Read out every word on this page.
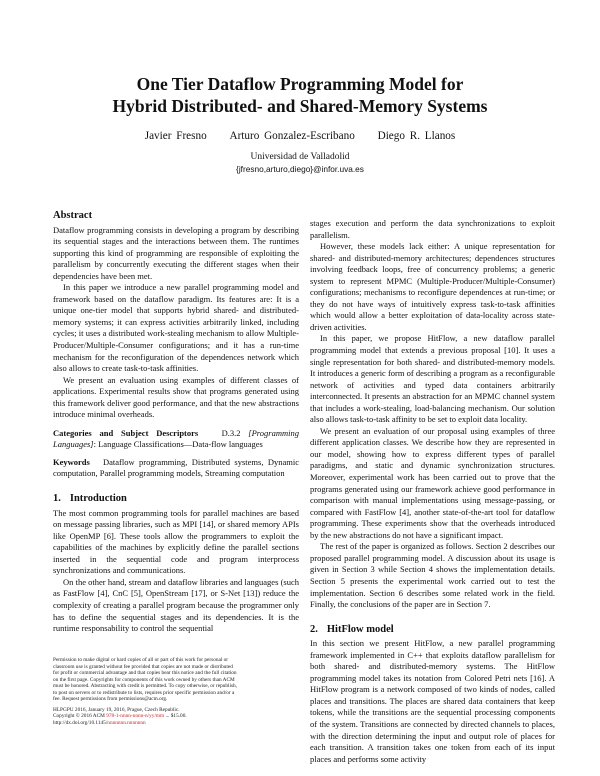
One Tier Dataflow Programming Model for
Hybrid Distributed- and Shared-Memory Systems
Javier Fresno Arturo Gonzalez-Escribano Diego R. Llanos
Universidad de Valladolid
{jfresno,arturo,diego}@infor.uva.es
Abstract

Dataflow programming consists in developing a program by describing its sequential stages and the interactions between them. The runtimes supporting this kind of programming are responsible of exploiting the parallelism by concurrently executing the different stages when their dependencies have been met.

In this paper we introduce a new parallel programming model and framework based on the dataflow paradigm. Its features are: It is a unique one-tier model that supports hybrid shared- and distributed-memory systems; it can express activities arbitrarily linked, including cycles; it uses a distributed work-stealing mechanism to allow Multiple-Producer/Multiple-Consumer configurations; and it has a run-time mechanism for the reconfiguration of the dependences network which also allows to create task-to-task affinities.

We present an evaluation using examples of different classes of applications. Experimental results show that programs generated using this framework deliver good performance, and that the new abstractions introduce minimal overheads.

Categories and Subject Descriptors	D.3.2 [Programming Languages]: Language Classifications—Data-flow languages

Keywords Dataflow programming, Distributed systems, Dynamic computation, Parallel programming models, Streaming computation

1. Introduction

The most common programming tools for parallel machines are based on message passing libraries, such as MPI [14], or shared memory APIs like OpenMP [6]. These tools allow the programmers to exploit the capabilities of the machines by explicitly define the parallel sections inserted in the sequential code and program interprocess synchronizations and communications.

On the other hand, stream and dataflow libraries and languages (such as FastFlow [4], CnC [5], OpenStream [17], or S-Net [13]) reduce the complexity of creating a parallel program because the programmer only has to define the sequential stages and its dependencies. It is the runtime responsability to control the sequential

Permission to make digital or hard copies of all or part of this work for personal or
classroom use is granted without fee provided that copies are not made or distributed
for profit or commercial advantage and that copies bear this notice and the full citation
on the first page. Copyrights for components of this work owned by others than ACM
must be honored. Abstracting with credit is permitted. To copy otherwise, or republish,
to post on servers or to redistribute to lists, requires prior specific permission and/or a
fee. Request permissions from permissions@acm.org.
HLPGPU 2016, January 19, 2016, Prague, Czech Republic.
Copyright © 2016 ACM 978-1-nnnn-nnnn-n/yy/mm ... $15.00.
http://dx.doi.org/10.1145/nnnnnnn.nnnnnnn

stages execution and perform the data synchronizations to exploit parallelism.

However, these models lack either: A unique representation for shared- and distributed-memory architectures; dependences structures involving feedback loops, free of concurrency problems; a generic system to represent MPMC (Multiple-Producer/Multiple-Consumer) configurations; mechanisms to reconfigure dependences at run-time; or they do not have ways of intuitively express task-to-task affinities which would allow a better exploitation of data-locality across state-driven activities.

In this paper, we propose HitFlow, a new dataflow parallel programming model that extends a previous proposal [10]. It uses a single representation for both shared- and distributed-memory models. It introduces a generic form of describing a program as a reconfigurable network of activities and typed data containers arbitrarily interconnected. It presents an abstraction for an MPMC channel system that includes a work-stealing, load-balancing mechanism. Our solution also allows task-to-task affinity to be set to exploit data locality.

We present an evaluation of our proposal using examples of three different application classes. We describe how they are represented in our model, showing how to express different types of parallel paradigms, and static and dynamic synchronization structures. Moreover, experimental work has been carried out to prove that the programs generated using our framework achieve good performance in comparison with manual implementations using message-passing, or compared with FastFlow [4], another state-of-the-art tool for dataflow programming. These experiments show that the overheads introduced by the new abstractions do not have a significant impact.

The rest of the paper is organized as follows. Section 2 describes our proposed parallel programming model. A discussion about its usage is given in Section 3 while Section 4 shows the implementation details. Section 5 presents the experimental work carried out to test the implementation. Section 6 describes some related work in the field. Finally, the conclusions of the paper are in Section 7.

2. HitFlow model

In this section we present HitFlow, a new parallel programming framework implemented in C++ that exploits dataflow parallelism for both shared- and distributed-memory systems. The HitFlow programming model takes its notation from Colored Petri nets [16]. A HitFlow program is a network composed of two kinds of nodes, called places and transitions. The places are shared data containers that keep tokens, while the transitions are the sequential processing components of the system. Transitions are connected by directed channels to places, with the direction determining the input and output role of places for each transition. A transition takes one token from each of its input places and performs some activity
